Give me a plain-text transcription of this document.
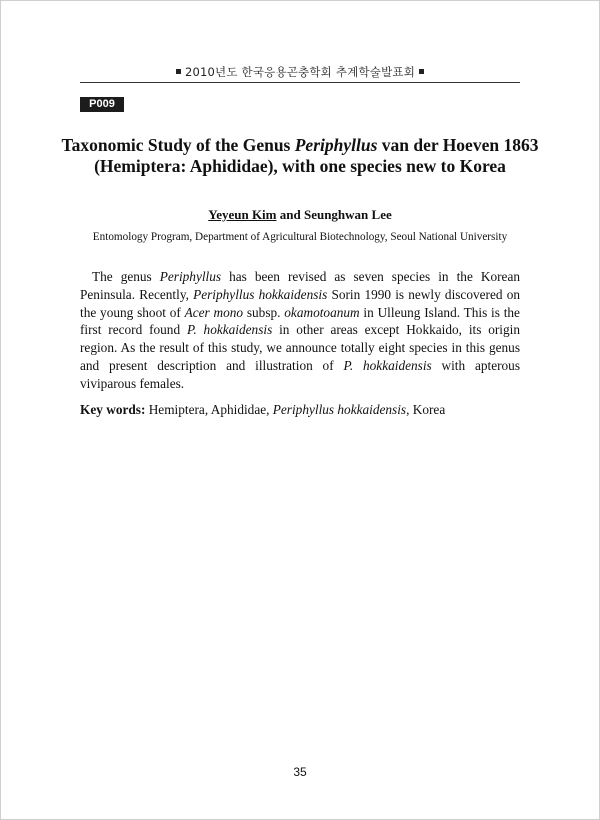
2010년도 한국응용곤충학회 추계학술발표회
P009
Taxonomic Study of the Genus Periphyllus van der Hoeven 1863
(Hemiptera: Aphididae), with one species new to Korea
Yeyeun Kim and Seunghwan Lee
Entomology Program, Department of Agricultural Biotechnology, Seoul National University
The genus Periphyllus has been revised as seven species in the Korean Peninsula. Recently, Periphyllus hokkaidensis Sorin 1990 is newly discovered on the young shoot of Acer mono subsp. okamotoanum in Ulleung Island. This is the first record found P. hokkaidensis in other areas except Hokkaido, its origin region. As the result of this study, we announce totally eight species in this genus and present description and illustration of P. hokkaidensis with apterous viviparous females.
Key words: Hemiptera, Aphididae, Periphyllus hokkaidensis, Korea
35
